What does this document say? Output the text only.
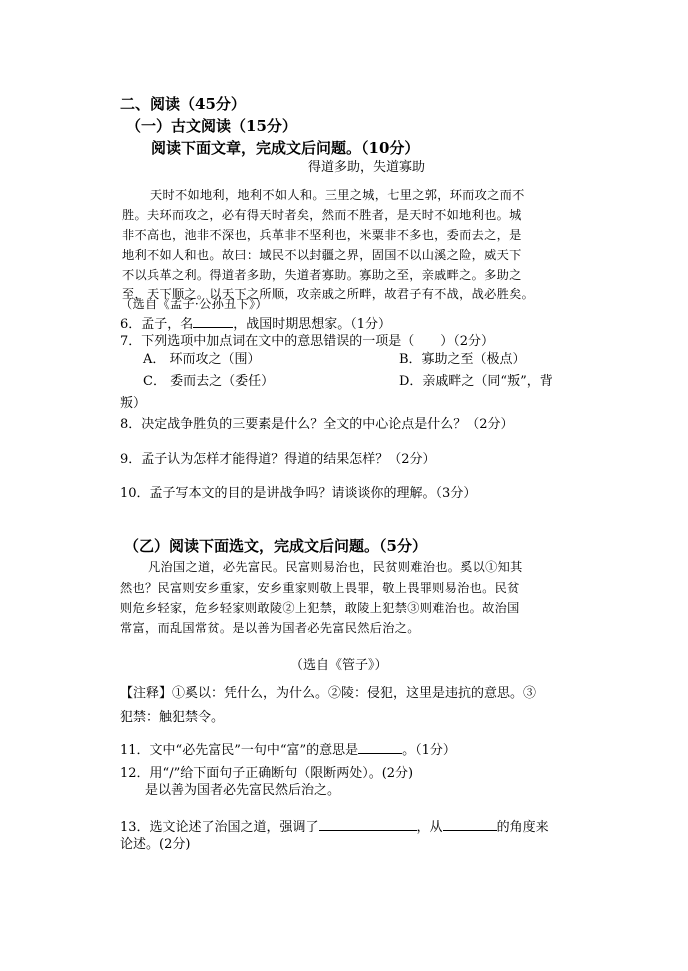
二、阅读（45分）
（一）古文阅读（15分）
阅读下面文章，完成文后问题。（10分）
得道多助，失道寡助
天时不如地利，地利不如人和。三里之城，七里之郭，环而攻之而不
胜。夫环而攻之，必有得天时者矣，然而不胜者，是天时不如地利也。城
非不高也，池非不深也，兵革非不坚利也，米粟非不多也，委而去之，是
地利不如人和也。故曰：域民不以封疆之界，固国不以山溪之险，威天下
不以兵革之利。得道者多助，失道者寡助。寡助之至，亲戚畔之。多助之
至，天下顺之。以天下之所顺，攻亲戚之所畔，故君子有不战，战必胜矣。
（选自《孟子·公孙丑下》）
6．孟子，名	，战国时期思想家。（1分）
7．下列选项中加点词在文中的意思错误的一项是（　　）（2分）
A． 环而攻之（围）	B．寡助之至（极点）
C． 委而去之（委任）	D．亲戚畔之（同“叛”，背
叛）
8．决定战争胜负的三要素是什么？全文的中心论点是什么？（2分）
9．孟子认为怎样才能得道？得道的结果怎样？（2分）
10．孟子写本文的目的是讲战争吗？请谈谈你的理解。（3分）
（乙）阅读下面选文，完成文后问题。（5分）
凡治国之道，必先富民。民富则易治也，民贫则难治也。奚以①知其
然也？民富则安乡重家，安乡重家则敬上畏罪，敬上畏罪则易治也。民贫
则危乡轻家，危乡轻家则敢陵②上犯禁，敢陵上犯禁③则难治也。故治国
常富，而乱国常贫。是以善为国者必先富民然后治之。
（选自《管子》）
【注释】①奚以：凭什么，为什么。②陵：侵犯，这里是违抗的意思。③
犯禁：触犯禁令。
11．文中“必先富民”一句中“富”的意思是	。（1分）
12．用“/”给下面句子正确断句（限断两处）。(2分)
是以善为国者必先富民然后治之。
13．选文论述了治国之道，强调了	，从	的角度来
论述。(2分)
